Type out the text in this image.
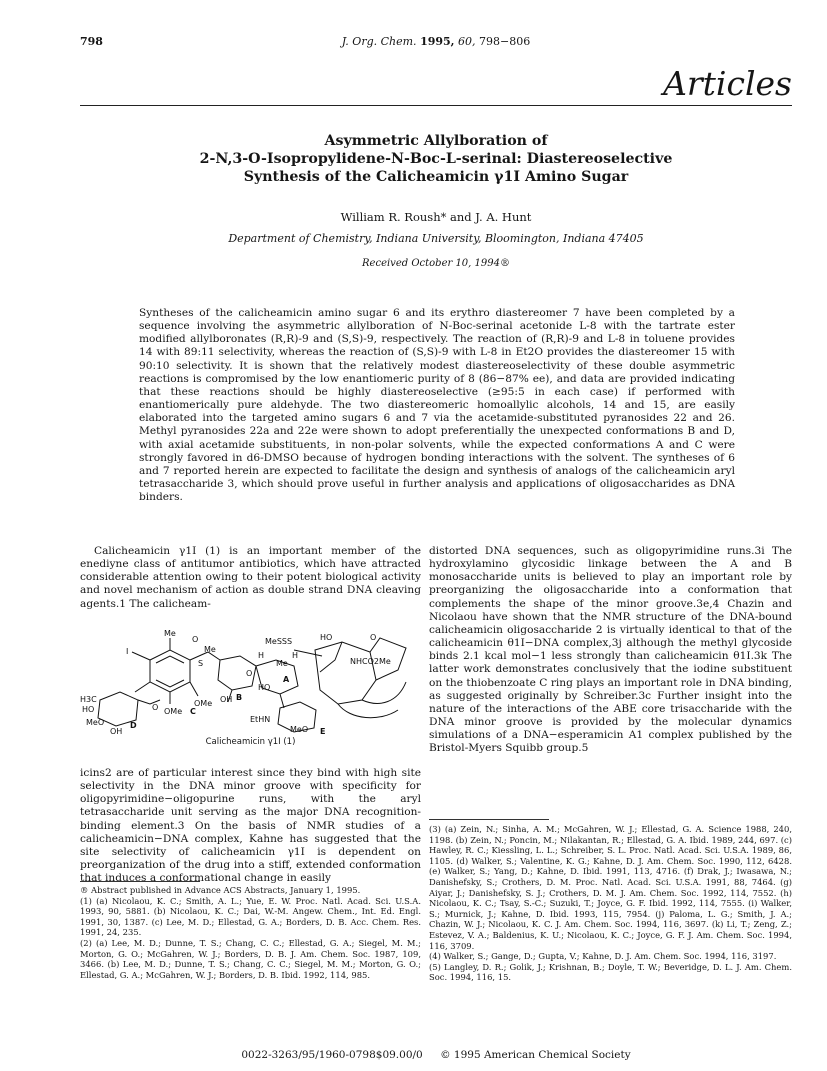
798	J. Org. Chem. 1995, 60, 798−806
Articles
Asymmetric Allylboration of
2-N,3-O-Isopropylidene-N-Boc-L-serinal: Diastereoselective
Synthesis of the Calicheamicin γ1I Amino Sugar
William R. Roush* and J. A. Hunt
Department of Chemistry, Indiana University, Bloomington, Indiana 47405
Received October 10, 1994®

Syntheses of the calicheamicin amino sugar 6 and its erythro diastereomer 7 have been completed by a sequence involving the asymmetric allylboration of N-Boc-serinal acetonide L-8 with the tartrate ester modified allylboronates (R,R)-9 and (S,S)-9, respectively. The reaction of (R,R)-9 and L-8 in toluene provides 14 with 89:11 selectivity, whereas the reaction of (S,S)-9 with L-8 in Et2O provides the diastereomer 15 with 90:10 selectivity. It is shown that the relatively modest diastereoselectivity of these double asymmetric reactions is compromised by the low enantiomeric purity of 8 (86−87% ee), and data are provided indicating that these reactions should be highly diastereoselective (≥95:5 in each case) if performed with enantiomerically pure aldehyde. The two diastereomeric homoallylic alcohols, 14 and 15, are easily elaborated into the targeted amino sugars 6 and 7 via the acetamide-substituted pyranosides 22 and 26. Methyl pyranosides 22a and 22e were shown to adopt preferentially the unexpected conformations B and D, with axial acetamide substituents, in non-polar solvents, while the expected conformations A and C were strongly favored in d6-DMSO because of hydrogen bonding interactions with the solvent. The syntheses of 6 and 7 reported herein are expected to facilitate the design and synthesis of analogs of the calicheamicin aryl tetrasaccharide 3, which should prove useful in further analysis and applications of oligosaccharides as DNA binders.

Calicheamicin γ1I (1) is an important member of the enediyne class of antitumor antibiotics, which have attracted considerable attention owing to their potent biological activity and novel mechanism of action as double strand DNA cleaving agents.1 The calicheam-

MeSSS	HO	O
NHCO2Me
Me
O
S
Me
H
Me
H
I
O
HO
A
OMe OH B
OMe C
O
H3C
HO
D
MeO
OH
EtHN
MeO E
Calicheamicin γ1I (1)

icins2 are of particular interest since they bind with high site selectivity in the DNA minor groove with specificity for oligopyrimidine−oligopurine runs, with the aryl tetrasaccharide unit serving as the major DNA recognition-binding element.3 On the basis of NMR studies of a calicheamicin−DNA complex, Kahne has suggested that the site selectivity of calicheamicin γ1I is dependent on preorganization of the drug into a stiff, extended conformation that induces a conformational change in easily

distorted DNA sequences, such as oligopyrimidine runs.3i The hydroxylamino glycosidic linkage between the A and B monosaccharide units is believed to play an important role by preorganizing the oligosaccharide into a conformation that complements the shape of the minor groove.3e,4 Chazin and Nicolaou have shown that the NMR structure of the DNA-bound calicheamicin oligosaccharide 2 is virtually identical to that of the calicheamicin θ1I−DNA complex,3j although the methyl glycoside binds 2.1 kcal mol−1 less strongly than calicheamicin θ1I.3k The latter work demonstrates conclusively that the iodine substituent on the thiobenzoate C ring plays an important role in DNA binding, as suggested originally by Schreiber.3c Further insight into the nature of the interactions of the ABE core trisaccharide with the DNA minor groove is provided by the molecular dynamics simulations of a DNA−esperamicin A1 complex published by the Bristol-Myers Squibb group.5

® Abstract published in Advance ACS Abstracts, January 1, 1995.

(1) (a) Nicolaou, K. C.; Smith, A. L.; Yue, E. W. Proc. Natl. Acad. Sci. U.S.A. 1993, 90, 5881. (b) Nicolaou, K. C.; Dai, W.-M. Angew. Chem., Int. Ed. Engl. 1991, 30, 1387. (c) Lee, M. D.; Ellestad, G. A.; Borders, D. B. Acc. Chem. Res. 1991, 24, 235.

(2) (a) Lee, M. D.; Dunne, T. S.; Chang, C. C.; Ellestad, G. A.; Siegel, M. M.; Morton, G. O.; McGahren, W. J.; Borders, D. B. J. Am. Chem. Soc. 1987, 109, 3466. (b) Lee, M. D.; Dunne, T. S.; Chang, C. C.; Siegel, M. M.; Morton, G. O.; Ellestad, G. A.; McGahren, W. J.; Borders, D. B. Ibid. 1992, 114, 985.

(3) (a) Zein, N.; Sinha, A. M.; McGahren, W. J.; Ellestad, G. A. Science 1988, 240, 1198. (b) Zein, N.; Poncin, M.; Nilakantan, R.; Ellestad, G. A. Ibid. 1989, 244, 697. (c) Hawley, R. C.; Kiessling, L. L.; Schreiber, S. L. Proc. Natl. Acad. Sci. U.S.A. 1989, 86, 1105. (d) Walker, S.; Valentine, K. G.; Kahne, D. J. Am. Chem. Soc. 1990, 112, 6428. (e) Walker, S.; Yang, D.; Kahne, D. Ibid. 1991, 113, 4716. (f) Drak, J.; Iwasawa, N.; Danishefsky, S.; Crothers, D. M. Proc. Natl. Acad. Sci. U.S.A. 1991, 88, 7464. (g) Aiyar, J.; Danishefsky, S. J.; Crothers, D. M. J. Am. Chem. Soc. 1992, 114, 7552. (h) Nicolaou, K. C.; Tsay, S.-C.; Suzuki, T.; Joyce, G. F. Ibid. 1992, 114, 7555. (i) Walker, S.; Murnick, J.; Kahne, D. Ibid. 1993, 115, 7954. (j) Paloma, L. G.; Smith, J. A.; Chazin, W. J.; Nicolaou, K. C. J. Am. Chem. Soc. 1994, 116, 3697. (k) Li, T.; Zeng, Z.; Estevez, V. A.; Baldenius, K. U.; Nicolaou, K. C.; Joyce, G. F. J. Am. Chem. Soc. 1994, 116, 3709.

(4) Walker, S.; Gange, D.; Gupta, V.; Kahne, D. J. Am. Chem. Soc. 1994, 116, 3197.

(5) Langley, D. R.; Golik, J.; Krishnan, B.; Doyle, T. W.; Beveridge, D. L. J. Am. Chem. Soc. 1994, 116, 15.

0022-3263/95/1960-0798$09.00/0 © 1995 American Chemical Society
